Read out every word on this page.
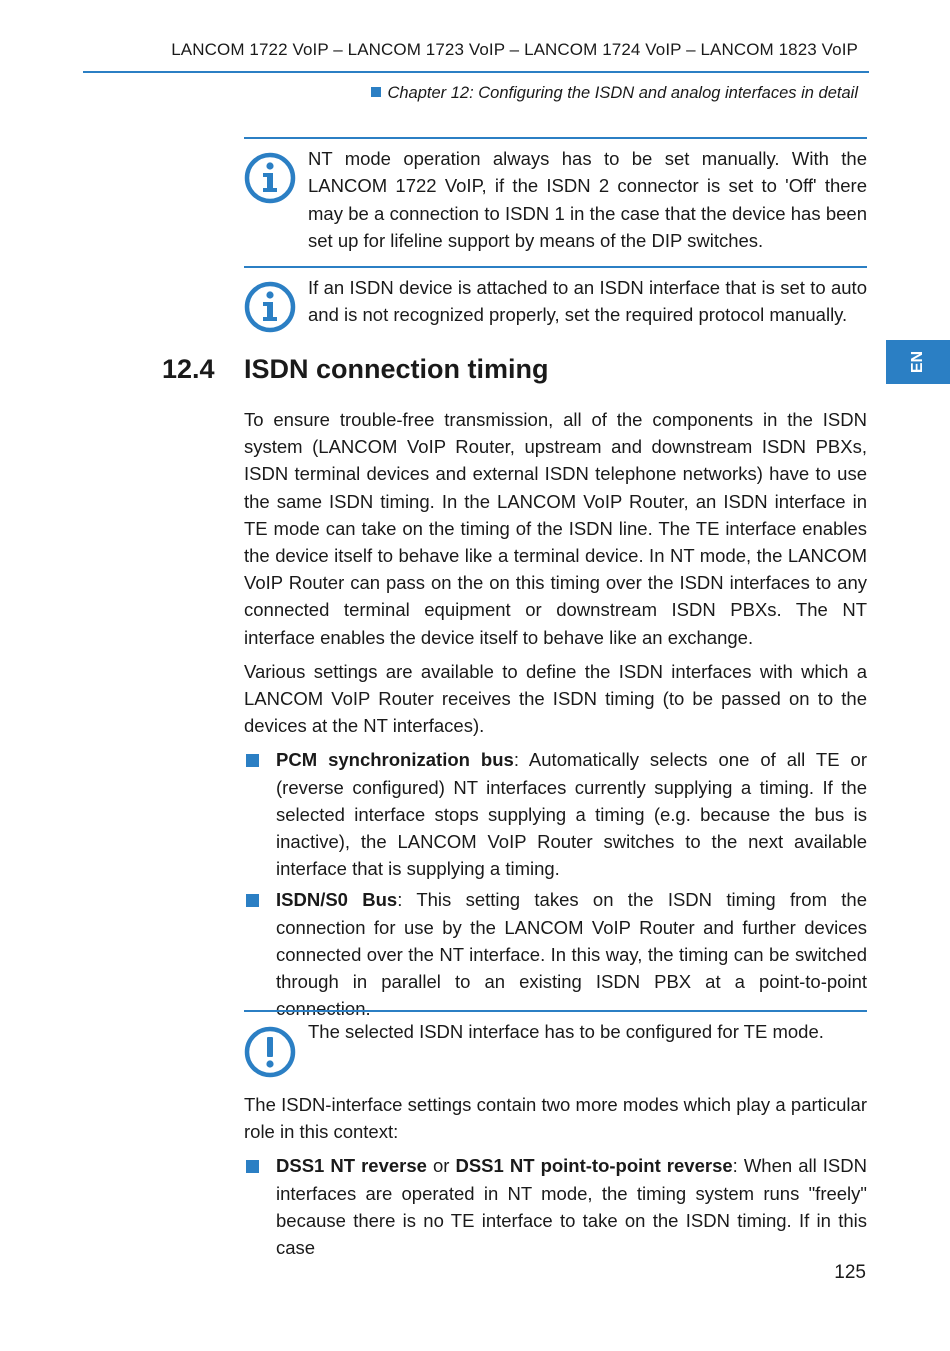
LANCOM 1722 VoIP – LANCOM 1723 VoIP – LANCOM 1724 VoIP – LANCOM 1823 VoIP
Chapter 12: Configuring the ISDN and analog interfaces in detail
NT mode operation always has to be set manually. With the LANCOM 1722 VoIP, if the ISDN 2 connector is set to 'Off' there may be a connection to ISDN 1 in the case that the device has been set up for lifeline support by means of the DIP switches.
If an ISDN device is attached to an ISDN interface that is set to auto and is not recognized properly, set the required protocol manually.
12.4 ISDN connection timing	EN

To ensure trouble‑free transmission, all of the components in the ISDN system (LANCOM VoIP Router, upstream and downstream ISDN PBXs, ISDN terminal devices and external ISDN telephone networks) have to use the same ISDN timing. In the LANCOM VoIP Router, an ISDN interface in TE mode can take on the timing of the ISDN line. The TE interface enables the device itself to behave like a terminal device. In NT mode, the LANCOM VoIP Router can pass on the on this timing over the ISDN interfaces to any connected terminal equipment or downstream ISDN PBXs. The NT interface enables the device itself to behave like an exchange.

Various settings are available to define the ISDN interfaces with which a LANCOM VoIP Router receives the ISDN timing (to be passed on to the devices at the NT interfaces).

PCM synchronization bus: Automatically selects one of all TE or (reverse configured) NT interfaces currently supplying a timing. If the selected interface stops supplying a timing (e.g. because the bus is inactive), the LANCOM VoIP Router switches to the next available interface that is supplying a timing.
ISDN/S0 Bus: This setting takes on the ISDN timing from the connection for use by the LANCOM VoIP Router and further devices connected over the NT interface. In this way, the timing can be switched through in parallel to an existing ISDN PBX at a point‑to‑point connection.
The selected ISDN interface has to be configured for TE mode.

The ISDN‑interface settings contain two more modes which play a particular role in this context:

DSS1 NT reverse or DSS1 NT point‑to‑point reverse: When all ISDN interfaces are operated in NT mode, the timing system runs "freely" because there is no TE interface to take on the ISDN timing. If in this case
125
